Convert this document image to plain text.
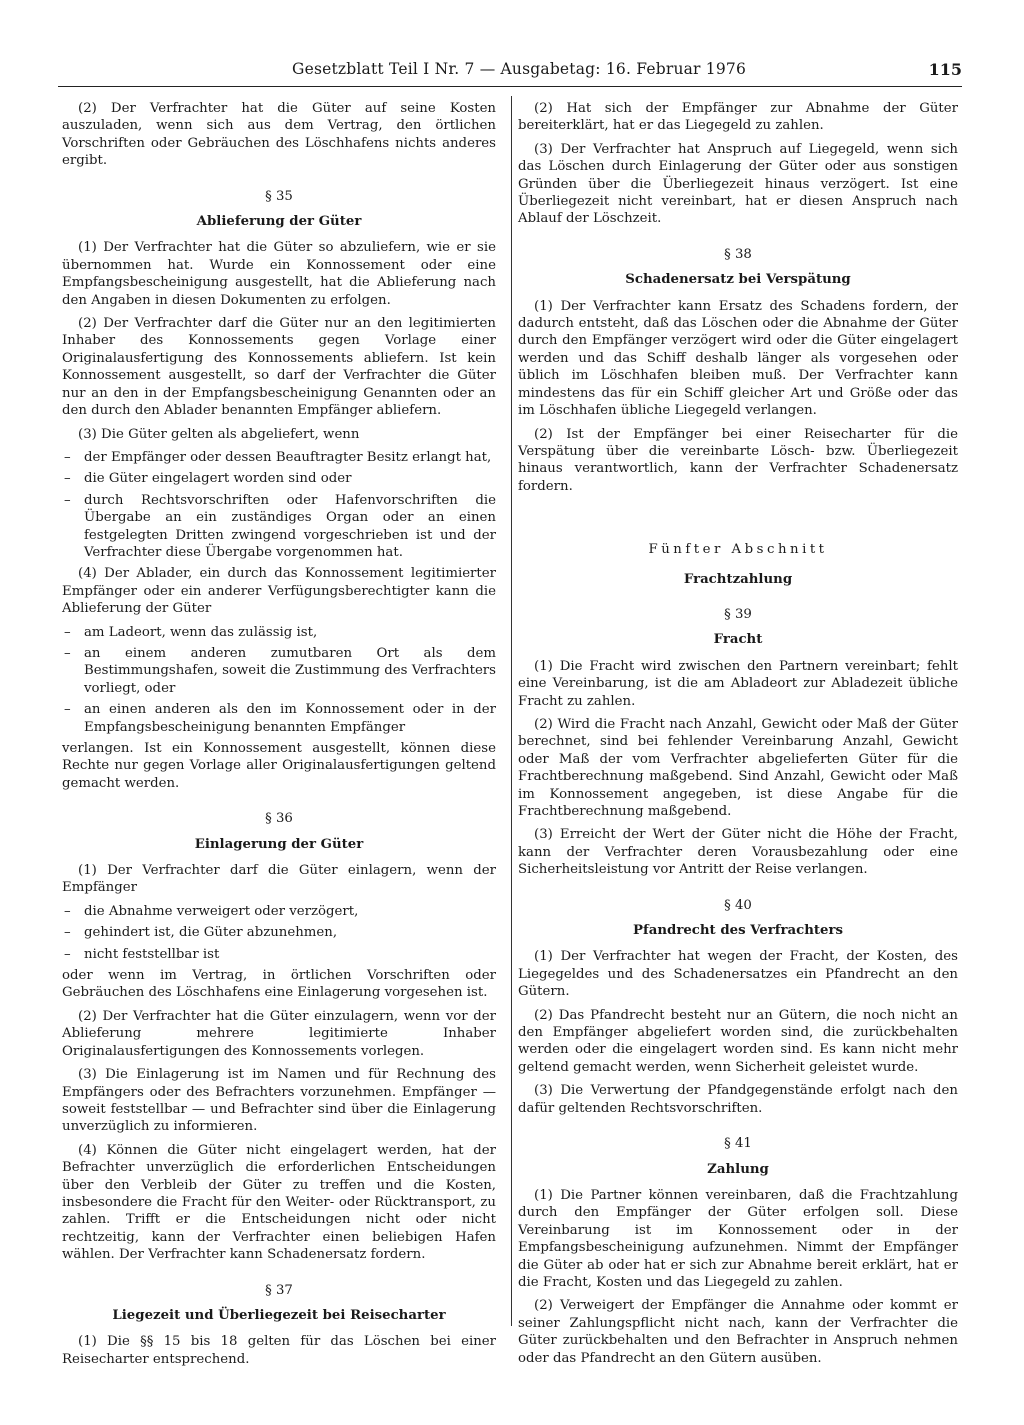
Gesetzblatt Teil I Nr. 7 — Ausgabetag: 16. Februar 1976	115

(2) Der Verfrachter hat die Güter auf seine Kosten auszuladen, wenn sich aus dem Vertrag, den örtlichen Vorschriften oder Gebräuchen des Löschhafens nichts anderes ergibt.

§ 35
Ablieferung der Güter

(1) Der Verfrachter hat die Güter so abzuliefern, wie er sie übernommen hat. Wurde ein Konnossement oder eine Empfangsbescheinigung ausgestellt, hat die Ablieferung nach den Angaben in diesen Dokumenten zu erfolgen.

(2) Der Verfrachter darf die Güter nur an den legitimierten Inhaber des Konnossements gegen Vorlage einer Originalausfertigung des Konnossements abliefern. Ist kein Konnossement ausgestellt, so darf der Verfrachter die Güter nur an den in der Empfangsbescheinigung Genannten oder an den durch den Ablader benannten Empfänger abliefern.

(3) Die Güter gelten als abgeliefert, wenn

– der Empfänger oder dessen Beauftragter Besitz erlangt hat,
– die Güter eingelagert worden sind oder
– durch Rechtsvorschriften oder Hafenvorschriften die Übergabe an ein zuständiges Organ oder an einen festgelegten Dritten zwingend vorgeschrieben ist und der Verfrachter diese Übergabe vorgenommen hat.

(4) Der Ablader, ein durch das Konnossement legitimierter Empfänger oder ein anderer Verfügungsberechtigter kann die Ablieferung der Güter

– am Ladeort, wenn das zulässig ist,
– an einem anderen zumutbaren Ort als dem Bestimmungshafen, soweit die Zustimmung des Verfrachters vorliegt, oder
– an einen anderen als den im Konnossement oder in der Empfangsbescheinigung benannten Empfänger

verlangen. Ist ein Konnossement ausgestellt, können diese Rechte nur gegen Vorlage aller Originalausfertigungen geltend gemacht werden.

§ 36
Einlagerung der Güter

(1) Der Verfrachter darf die Güter einlagern, wenn der Empfänger

– die Abnahme verweigert oder verzögert,
– gehindert ist, die Güter abzunehmen,
– nicht feststellbar ist

oder wenn im Vertrag, in örtlichen Vorschriften oder Gebräuchen des Löschhafens eine Einlagerung vorgesehen ist.

(2) Der Verfrachter hat die Güter einzulagern, wenn vor der Ablieferung mehrere legitimierte Inhaber Originalausfertigungen des Konnossements vorlegen.

(3) Die Einlagerung ist im Namen und für Rechnung des Empfängers oder des Befrachters vorzunehmen. Empfänger — soweit feststellbar — und Befrachter sind über die Einlagerung unverzüglich zu informieren.

(4) Können die Güter nicht eingelagert werden, hat der Befrachter unverzüglich die erforderlichen Entscheidungen über den Verbleib der Güter zu treffen und die Kosten, insbesondere die Fracht für den Weiter- oder Rücktransport, zu zahlen. Trifft er die Entscheidungen nicht oder nicht rechtzeitig, kann der Verfrachter einen beliebigen Hafen wählen. Der Verfrachter kann Schadenersatz fordern.

§ 37
Liegezeit und Überliegezeit bei Reisecharter

(1) Die §§ 15 bis 18 gelten für das Löschen bei einer Reisecharter entsprechend.

(2) Hat sich der Empfänger zur Abnahme der Güter bereiterklärt, hat er das Liegegeld zu zahlen.

(3) Der Verfrachter hat Anspruch auf Liegegeld, wenn sich das Löschen durch Einlagerung der Güter oder aus sonstigen Gründen über die Überliegezeit hinaus verzögert. Ist eine Überliegezeit nicht vereinbart, hat er diesen Anspruch nach Ablauf der Löschzeit.

§ 38
Schadenersatz bei Verspätung

(1) Der Verfrachter kann Ersatz des Schadens fordern, der dadurch entsteht, daß das Löschen oder die Abnahme der Güter durch den Empfänger verzögert wird oder die Güter eingelagert werden und das Schiff deshalb länger als vorgesehen oder üblich im Löschhafen bleiben muß. Der Verfrachter kann mindestens das für ein Schiff gleicher Art und Größe oder das im Löschhafen übliche Liegegeld verlangen.

(2) Ist der Empfänger bei einer Reisecharter für die Verspätung über die vereinbarte Lösch- bzw. Überliegezeit hinaus verantwortlich, kann der Verfrachter Schadenersatz fordern.

Fünfter Abschnitt
Frachtzahlung
§ 39
Fracht

(1) Die Fracht wird zwischen den Partnern vereinbart; fehlt eine Vereinbarung, ist die am Abladeort zur Abladezeit übliche Fracht zu zahlen.

(2) Wird die Fracht nach Anzahl, Gewicht oder Maß der Güter berechnet, sind bei fehlender Vereinbarung Anzahl, Gewicht oder Maß der vom Verfrachter abgelieferten Güter für die Frachtberechnung maßgebend. Sind Anzahl, Gewicht oder Maß im Konnossement angegeben, ist diese Angabe für die Frachtberechnung maßgebend.

(3) Erreicht der Wert der Güter nicht die Höhe der Fracht, kann der Verfrachter deren Vorausbezahlung oder eine Sicherheitsleistung vor Antritt der Reise verlangen.

§ 40
Pfandrecht des Verfrachters

(1) Der Verfrachter hat wegen der Fracht, der Kosten, des Liegegeldes und des Schadenersatzes ein Pfandrecht an den Gütern.

(2) Das Pfandrecht besteht nur an Gütern, die noch nicht an den Empfänger abgeliefert worden sind, die zurückbehalten werden oder die eingelagert worden sind. Es kann nicht mehr geltend gemacht werden, wenn Sicherheit geleistet wurde.

(3) Die Verwertung der Pfandgegenstände erfolgt nach den dafür geltenden Rechtsvorschriften.

§ 41
Zahlung

(1) Die Partner können vereinbaren, daß die Frachtzahlung durch den Empfänger der Güter erfolgen soll. Diese Vereinbarung ist im Konnossement oder in der Empfangsbescheinigung aufzunehmen. Nimmt der Empfänger die Güter ab oder hat er sich zur Abnahme bereit erklärt, hat er die Fracht, Kosten und das Liegegeld zu zahlen.

(2) Verweigert der Empfänger die Annahme oder kommt er seiner Zahlungspflicht nicht nach, kann der Verfrachter die Güter zurückbehalten und den Befrachter in Anspruch nehmen oder das Pfandrecht an den Gütern ausüben.
